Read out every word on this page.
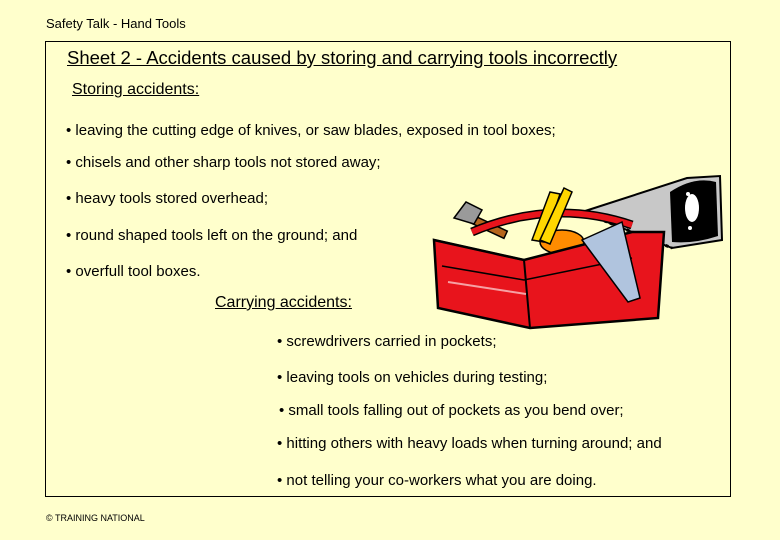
Safety Talk - Hand Tools
Sheet 2 - Accidents caused by storing and carrying tools incorrectly
Storing accidents:
• leaving the cutting edge of knives, or saw blades, exposed in tool boxes;
• chisels and other sharp tools not stored away;
• heavy tools stored overhead;
• round shaped tools left on the ground; and
• overfull tool boxes.
Carrying accidents:
• screwdrivers carried in pockets;
• leaving tools on vehicles during testing;
• small tools falling out of pockets as you bend over;
• hitting others with heavy loads when turning around; and
• not telling your co-workers what you are doing.
© TRAINING NATIONAL
